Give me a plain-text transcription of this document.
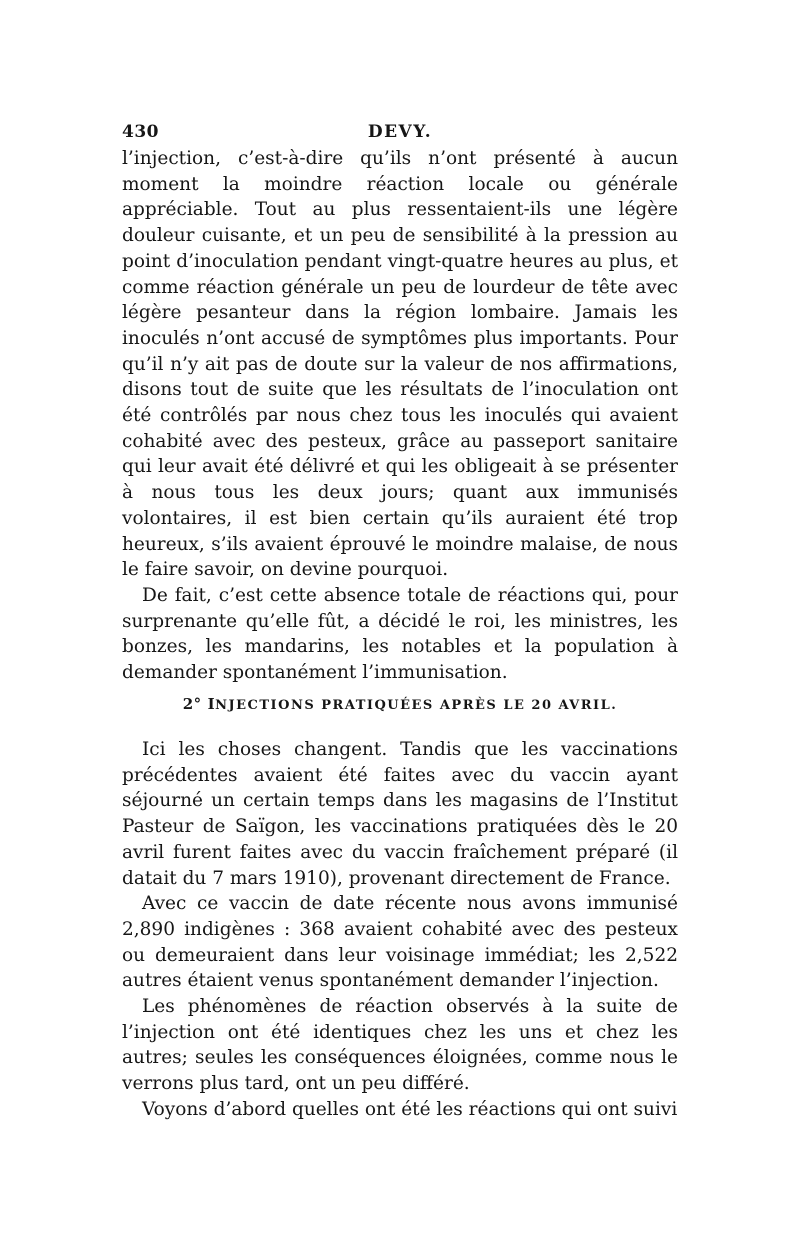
430	DEVY.

l’injection, c’est-à-dire qu’ils n’ont présenté à aucun moment la moindre réaction locale ou générale appréciable. Tout au plus ressentaient-ils une légère douleur cuisante, et un peu de sensibilité à la pression au point d’inoculation pendant vingt-quatre heures au plus, et comme réaction générale un peu de lourdeur de tête avec légère pesanteur dans la région lombaire. Jamais les inoculés n’ont accusé de symptômes plus importants. Pour qu’il n’y ait pas de doute sur la valeur de nos affirmations, disons tout de suite que les résultats de l’inoculation ont été contrôlés par nous chez tous les inoculés qui avaient cohabité avec des pesteux, grâce au passeport sanitaire qui leur avait été délivré et qui les obligeait à se présenter à nous tous les deux jours; quant aux immunisés volontaires, il est bien certain qu’ils auraient été trop heureux, s’ils avaient éprouvé le moindre malaise, de nous le faire savoir, on devine pourquoi.

De fait, c’est cette absence totale de réactions qui, pour surprenante qu’elle fût, a décidé le roi, les ministres, les bonzes, les mandarins, les notables et la population à demander spontanément l’immunisation.

2° INJECTIONS PRATIQUÉES APRÈS LE 20 AVRIL.

Ici les choses changent. Tandis que les vaccinations précédentes avaient été faites avec du vaccin ayant séjourné un certain temps dans les magasins de l’Institut Pasteur de Saïgon, les vaccinations pratiquées dès le 20 avril furent faites avec du vaccin fraîchement préparé (il datait du 7 mars 1910), provenant directement de France.

Avec ce vaccin de date récente nous avons immunisé 2,890 indigènes : 368 avaient cohabité avec des pesteux ou demeuraient dans leur voisinage immédiat; les 2,522 autres étaient venus spontanément demander l’injection.

Les phénomènes de réaction observés à la suite de l’injection ont été identiques chez les uns et chez les autres; seules les conséquences éloignées, comme nous le verrons plus tard, ont un peu différé.

Voyons d’abord quelles ont été les réactions qui ont suivi
